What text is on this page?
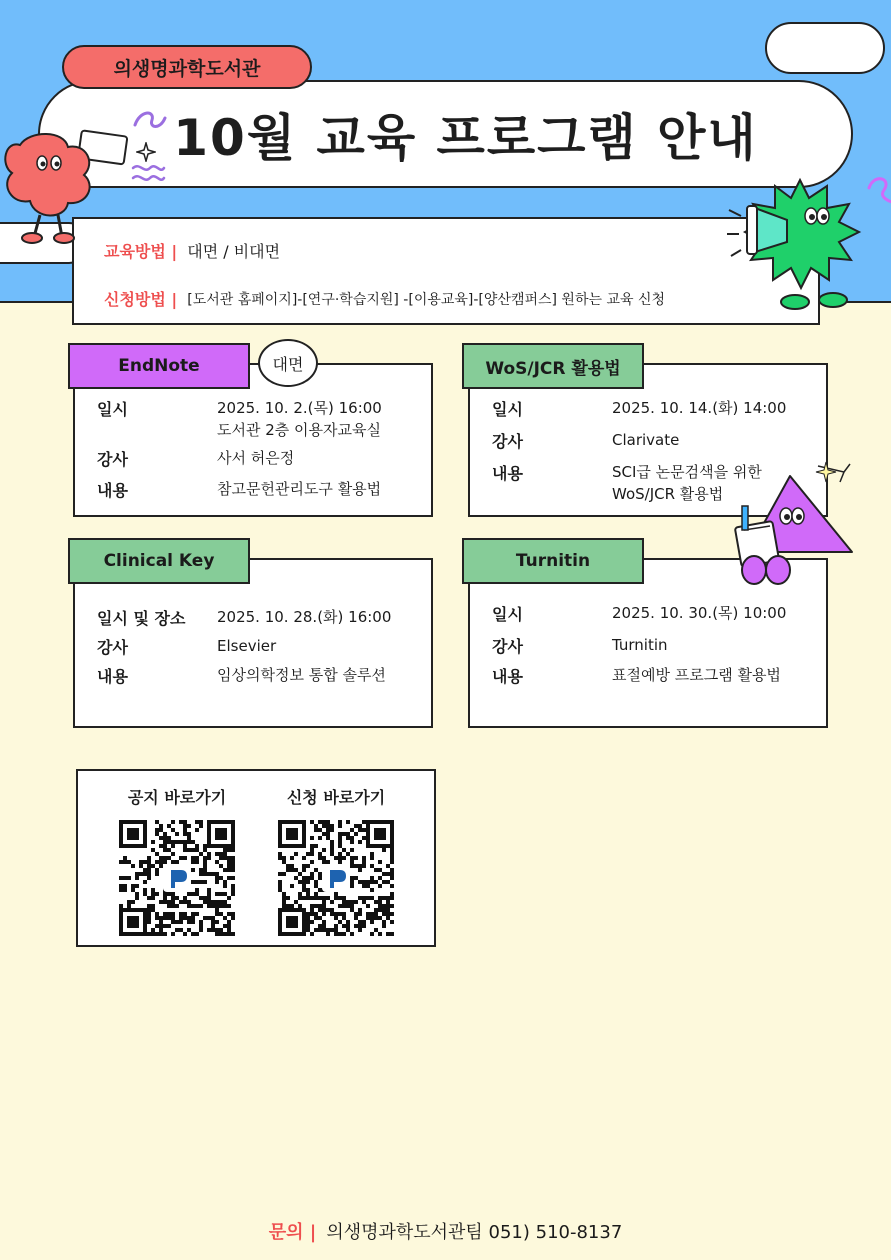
의생명과학도서관
10월 교육 프로그램 안내
교육방법 | 대면 / 비대면
신청방법 | [도서관 홈페이지]-[연구·학습지원] -[이용교육]-[양산캠퍼스] 원하는 교육 신청
EndNote	대면
일시	2025. 10. 2.(목) 16:00
도서관 2층 이용자교육실
강사	사서 허은정
내용	참고문헌관리도구 활용법
WoS/JCR 활용법
일시	2025. 10. 14.(화) 14:00
강사	Clarivate
내용	SCI급 논문검색을 위한
WoS/JCR 활용법
Clinical Key
일시 및 장소	2025. 10. 28.(화) 16:00
강사	Elsevier
내용	임상의학정보 통합 솔루션
Turnitin
일시	2025. 10. 30.(목) 10:00
강사	Turnitin
내용	표절예방 프로그램 활용법
공지 바로가기	신청 바로가기
문의 | 의생명과학도서관팀 051) 510-8137
